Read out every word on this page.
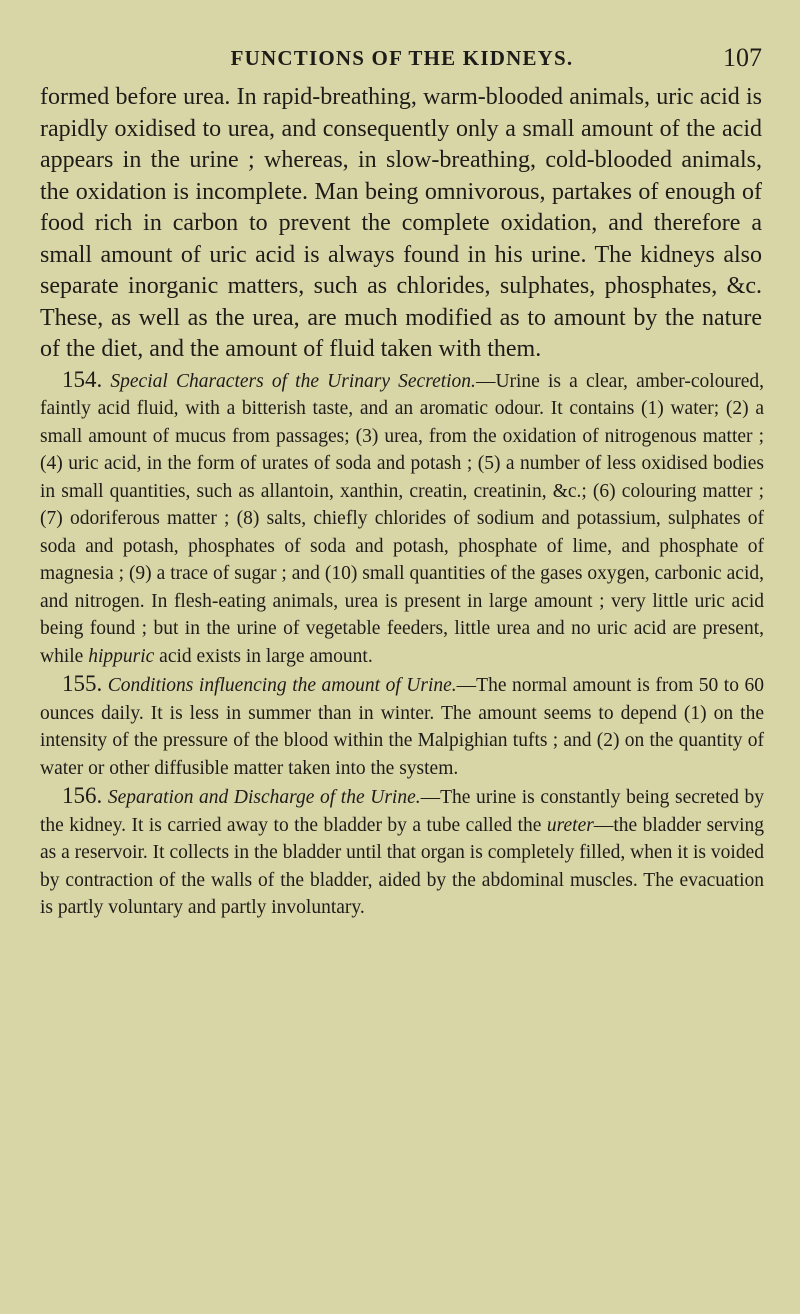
FUNCTIONS OF THE KIDNEYS.	107

formed before urea. In rapid-breathing, warm-blooded animals, uric acid is rapidly oxidised to urea, and consequently only a small amount of the acid appears in the urine ; whereas, in slow-breathing, cold-blooded animals, the oxidation is incomplete. Man being omnivorous, partakes of enough of food rich in carbon to prevent the complete oxidation, and therefore a small amount of uric acid is always found in his urine. The kidneys also separate inorganic matters, such as chlorides, sulphates, phosphates, &c. These, as well as the urea, are much modified as to amount by the nature of the diet, and the amount of fluid taken with them.

154. Special Characters of the Urinary Secretion.—Urine is a clear, amber-coloured, faintly acid fluid, with a bitterish taste, and an aromatic odour. It contains (1) water; (2) a small amount of mucus from passages; (3) urea, from the oxidation of nitrogenous matter ; (4) uric acid, in the form of urates of soda and potash ; (5) a number of less oxidised bodies in small quantities, such as allantoin, xanthin, creatin, creatinin, &c.; (6) colouring matter ; (7) odoriferous matter ; (8) salts, chiefly chlorides of sodium and potassium, sulphates of soda and potash, phosphates of soda and potash, phosphate of lime, and phosphate of magnesia ; (9) a trace of sugar ; and (10) small quantities of the gases oxygen, carbonic acid, and nitrogen. In flesh-eating animals, urea is present in large amount ; very little uric acid being found ; but in the urine of vegetable feeders, little urea and no uric acid are present, while hippuric acid exists in large amount.

155. Conditions influencing the amount of Urine.—The normal amount is from 50 to 60 ounces daily. It is less in summer than in winter. The amount seems to depend (1) on the intensity of the pressure of the blood within the Malpighian tufts ; and (2) on the quantity of water or other diffusible matter taken into the system.

156. Separation and Discharge of the Urine.—The urine is constantly being secreted by the kidney. It is carried away to the bladder by a tube called the ureter—the bladder serving as a reservoir. It collects in the bladder until that organ is completely filled, when it is voided by contraction of the walls of the bladder, aided by the abdominal muscles. The evacuation is partly voluntary and partly involuntary.
